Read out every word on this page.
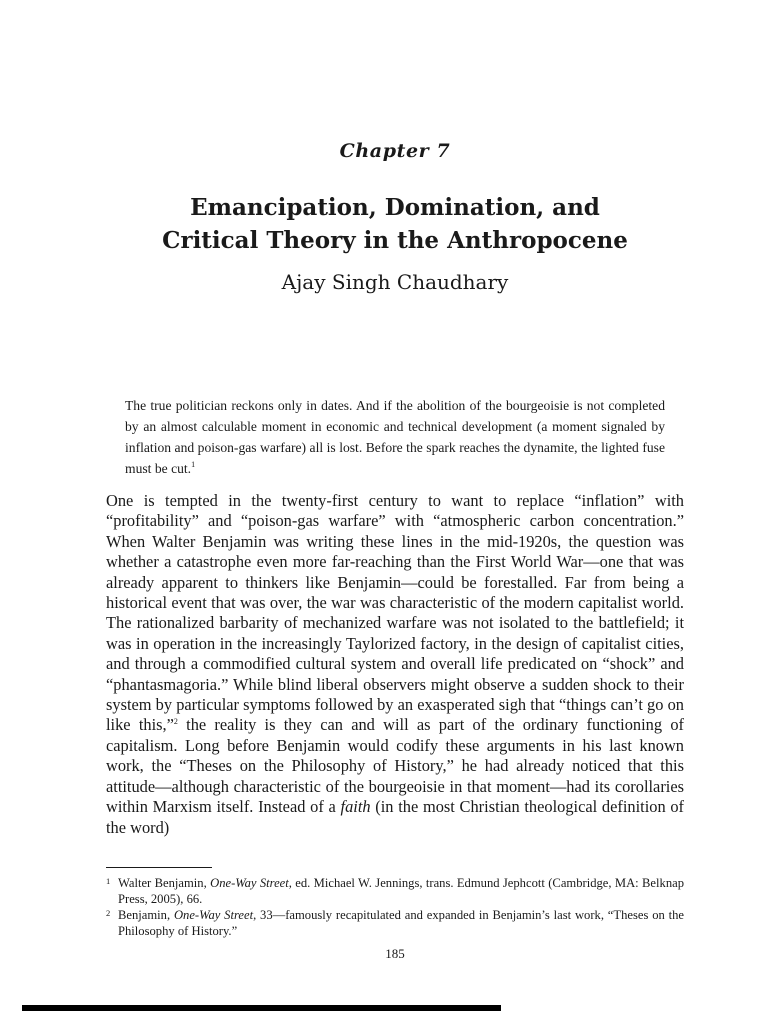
Chapter 7
Emancipation, Domination, and
Critical Theory in the Anthropocene
Ajay Singh Chaudhary

The true politician reckons only in dates. And if the abolition of the bourgeoisie is not completed by an almost calculable moment in economic and technical development (a moment signaled by inflation and poison-gas warfare) all is lost. Before the spark reaches the dynamite, the lighted fuse must be cut.$^1$

One is tempted in the twenty-first century to want to replace “inflation” with “profitability” and “poison-gas warfare” with “atmospheric carbon concentration.” When Walter Benjamin was writing these lines in the mid-1920s, the question was whether a catastrophe even more far-reaching than the First World War—one that was already apparent to thinkers like Benjamin—could be forestalled. Far from being a historical event that was over, the war was characteristic of the modern capitalist world. The rationalized barbarity of mechanized warfare was not isolated to the battlefield; it was in operation in the increasingly Taylorized factory, in the design of capitalist cities, and through a commodified cultural system and overall life predicated on “shock” and “phantasmagoria.” While blind liberal observers might observe a sudden shock to their system by particular symptoms followed by an exasperated sigh that “things can’t go on like this,”$^2$ the reality is they can and will as part of the ordinary functioning of capitalism. Long before Benjamin would codify these arguments in his last known work, the “Theses on the Philosophy of History,” he had already noticed that this attitude—although characteristic of the bourgeoisie in that moment—had its corollaries within Marxism itself. Instead of a faith (in the most Christian theological definition of the word)

1 Walter Benjamin, One-Way Street, ed. Michael W. Jennings, trans. Edmund Jephcott (Cambridge, MA: Belknap Press, 2005), 66.
2 Benjamin, One-Way Street, 33—famously recapitulated and expanded in Benjamin’s last work, “Theses on the Philosophy of History.”
185
